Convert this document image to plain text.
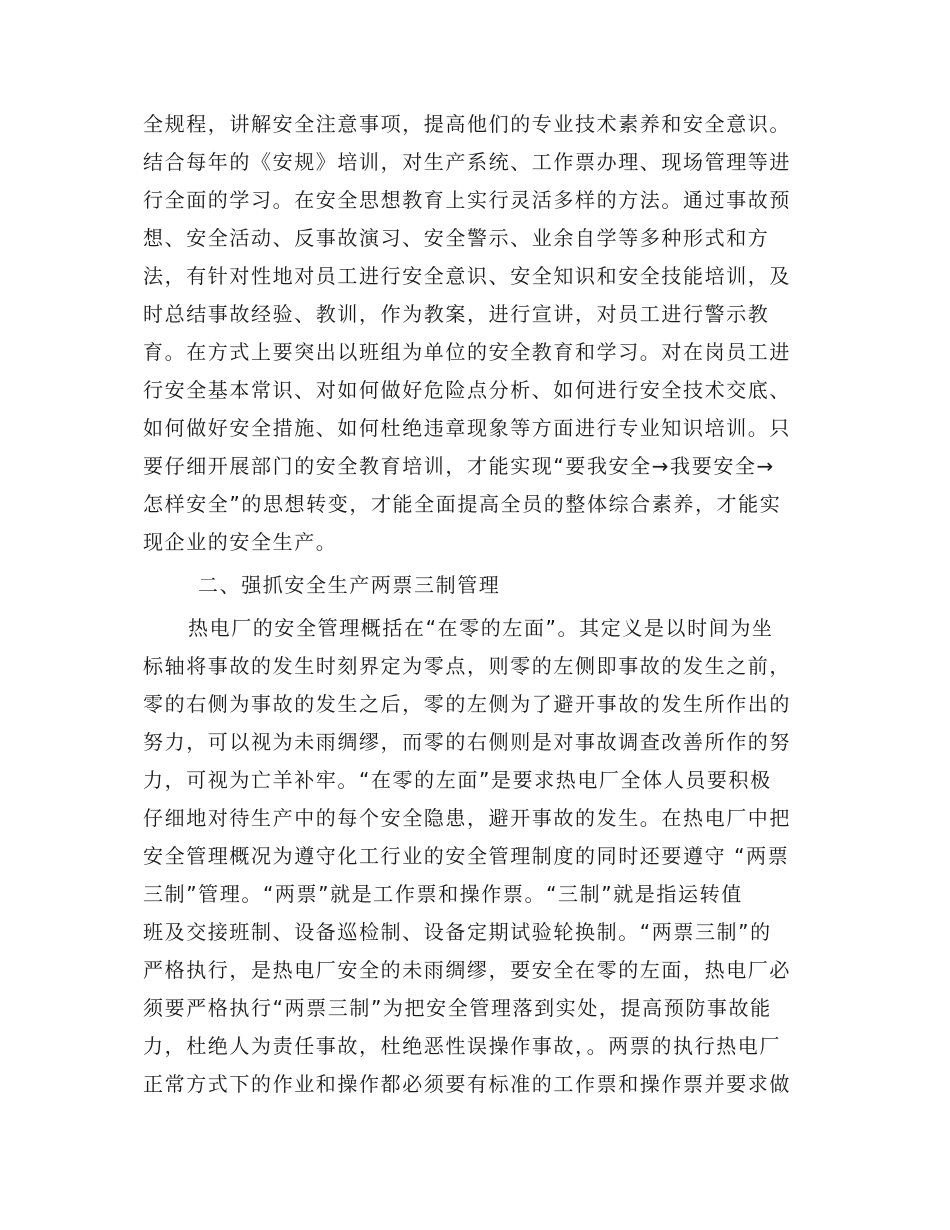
全规程，讲解安全注意事项，提高他们的专业技术素养和安全意识。
结合每年的《安规》培训，对生产系统、工作票办理、现场管理等进
行全面的学习。在安全思想教育上实行灵活多样的方法。通过事故预
想、安全活动、反事故演习、安全警示、业余自学等多种形式和方
法，有针对性地对员工进行安全意识、安全知识和安全技能培训，及
时总结事故经验、教训，作为教案，进行宣讲，对员工进行警示教
育。在方式上要突出以班组为单位的安全教育和学习。对在岗员工进
行安全基本常识、对如何做好危险点分析、如何进行安全技术交底、
如何做好安全措施、如何杜绝违章现象等方面进行专业知识培训。只
要仔细开展部门的安全教育培训，才能实现“要我安全→我要安全→
怎样安全”的思想转变，才能全面提高全员的整体综合素养，才能实
现企业的安全生产。
二、强抓安全生产两票三制管理
热电厂的安全管理概括在“在零的左面”。其定义是以时间为坐
标轴将事故的发生时刻界定为零点，则零的左侧即事故的发生之前，
零的右侧为事故的发生之后，零的左侧为了避开事故的发生所作出的
努力，可以视为未雨绸缪，而零的右侧则是对事故调查改善所作的努
力，可视为亡羊补牢。“在零的左面”是要求热电厂全体人员要积极
仔细地对待生产中的每个安全隐患，避开事故的发生。在热电厂中把
安全管理概况为遵守化工行业的安全管理制度的同时还要遵守 “两票
三制”管理。“两票”就是工作票和操作票。“三制”就是指运转值
班及交接班制、设备巡检制、设备定期试验轮换制。“两票三制”的
严格执行，是热电厂安全的未雨绸缪，要安全在零的左面，热电厂必
须要严格执行“两票三制”为把安全管理落到实处，提高预防事故能
力，杜绝人为责任事故，杜绝恶性误操作事故，。两票的执行热电厂
正常方式下的作业和操作都必须要有标准的工作票和操作票并要求做
